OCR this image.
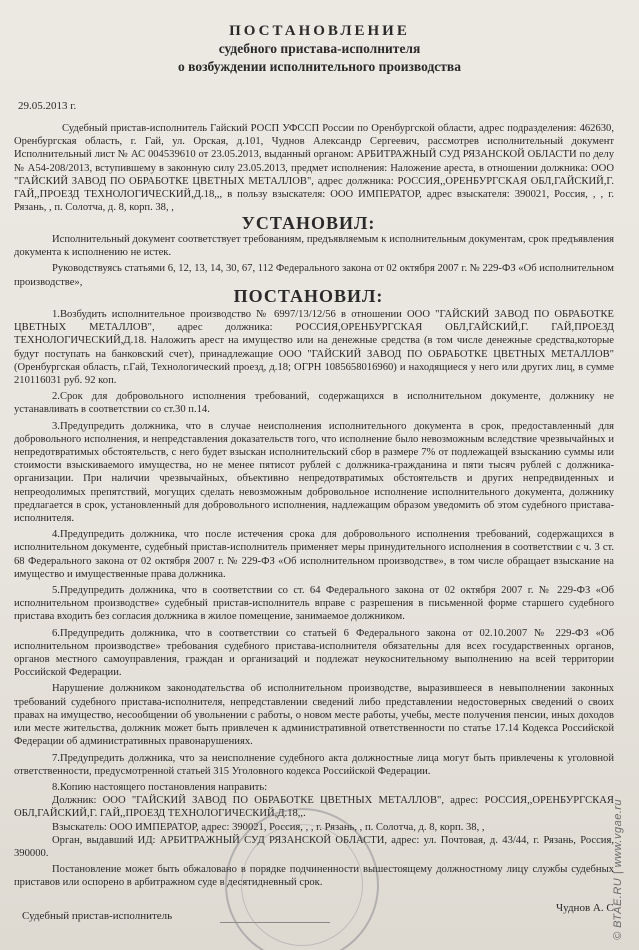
ПОСТАНОВЛЕНИЕ
судебного пристава-исполнителя
о возбуждении исполнительного производства
29.05.2013 г.

Судебный пристав-исполнитель Гайский РОСП УФССП России по Оренбургской области, адрес подразделения: 462630, Оренбургская область, г. Гай, ул. Орская, д.101, Чуднов Александр Сергеевич, рассмотрев исполнительный документ Исполнительный лист № АС 004539610 от 23.05.2013, выданный органом: АРБИТРАЖНЫЙ СУД РЯЗАНСКОЙ ОБЛАСТИ по делу № А54-208/2013, вступившему в законную силу 23.05.2013, предмет исполнения: Наложение ареста, в отношении должника: ООО "ГАЙСКИЙ ЗАВОД ПО ОБРАБОТКЕ ЦВЕТНЫХ МЕТАЛЛОВ", адрес должника: РОССИЯ,,ОРЕНБУРГСКАЯ ОБЛ,ГАЙСКИЙ,Г. ГАЙ,,ПРОЕЗД ТЕХНОЛОГИЧЕСКИЙ,Д.18,,, в пользу взыскателя: ООО ИМПЕРАТОР, адрес взыскателя: 390021, Россия, , , г. Рязань, , п. Солотча, д. 8, корп. 38, ,

УСТАНОВИЛ:

Исполнительный документ соответствует требованиям, предъявляемым к исполнительным документам, срок предъявления документа к исполнению не истек.

Руководствуясь статьями 6, 12, 13, 14, 30, 67, 112 Федерального закона от 02 октября 2007 г. № 229-ФЗ «Об исполнительном производстве»,

ПОСТАНОВИЛ:

1.Возбудить исполнительное производство № 6997/13/12/56 в отношении ООО "ГАЙСКИЙ ЗАВОД ПО ОБРАБОТКЕ ЦВЕТНЫХ МЕТАЛЛОВ", адрес должника: РОССИЯ,ОРЕНБУРГСКАЯ ОБЛ,ГАЙСКИЙ,Г. ГАЙ,ПРОЕЗД ТЕХНОЛОГИЧЕСКИЙ,Д.18. Наложить арест на имущество или на денежные средства (в том числе денежные средства,которые будут поступать на банковский счет), принадлежащие ООО "ГАЙСКИЙ ЗАВОД ПО ОБРАБОТКЕ ЦВЕТНЫХ МЕТАЛЛОВ" (Оренбургская область, г.Гай, Технологический проезд, д.18; ОГРН 1085658016960) и находящиеся у него или других лиц, в сумме 210116031 руб. 92 коп.

2.Срок для добровольного исполнения требований, содержащихся в исполнительном документе, должнику не устанавливать в соответствии со ст.30 п.14.

3.Предупредить должника, что в случае неисполнения исполнительного документа в срок, предоставленный для добровольного исполнения, и непредставления доказательств того, что исполнение было невозможным вследствие чрезвычайных и непредотвратимых обстоятельств, с него будет взыскан исполнительский сбор в размере 7% от подлежащей взысканию суммы или стоимости взыскиваемого имущества, но не менее пятисот рублей с должника-гражданина и пяти тысяч рублей с должника-организации. При наличии чрезвычайных, объективно непредотвратимых обстоятельств и других непредвиденных и непреодолимых препятствий, могущих сделать невозможным добровольное исполнение исполнительного документа, должнику предлагается в срок, установленный для добровольного исполнения, надлежащим образом уведомить об этом судебного пристава-исполнителя.

4.Предупредить должника, что после истечения срока для добровольного исполнения требований, содержащихся в исполнительном документе, судебный пристав-исполнитель применяет меры принудительного исполнения в соответствии с ч. 3 ст. 68 Федерального закона от 02 октября 2007 г. № 229-ФЗ «Об исполнительном производстве», в том числе обращает взыскание на имущество и имущественные права должника.

5.Предупредить должника, что в соответствии со ст. 64 Федерального закона от 02 октября 2007 г. № 229-ФЗ «Об исполнительном производстве» судебный пристав-исполнитель вправе с разрешения в письменной форме старшего судебного пристава входить без согласия должника в жилое помещение, занимаемое должником.

6.Предупредить должника, что в соответствии со статьей 6 Федерального закона от 02.10.2007 № 229-ФЗ «Об исполнительном производстве» требования судебного пристава-исполнителя обязательны для всех государственных органов, органов местного самоуправления, граждан и организаций и подлежат неукоснительному выполнению на всей территории Российской Федерации.

Нарушение должником законодательства об исполнительном производстве, выразившееся в невыполнении законных требований судебного пристава-исполнителя, непредставлении сведений либо представлении недостоверных сведений о своих правах на имущество, несообщении об увольнении с работы, о новом месте работы, учебы, месте получения пенсии, иных доходов или месте жительства, должник может быть привлечен к административной ответственности по статье 17.14 Кодекса Российской Федерации об административных правонарушениях.

7.Предупредить должника, что за неисполнение судебного акта должностные лица могут быть привлечены к уголовной ответственности, предусмотренной статьей 315 Уголовного кодекса Российской Федерации.

8.Копию настоящего постановления направить:

Должник: ООО "ГАЙСКИЙ ЗАВОД ПО ОБРАБОТКЕ ЦВЕТНЫХ МЕТАЛЛОВ", адрес: РОССИЯ,,ОРЕНБУРГСКАЯ ОБЛ,ГАЙСКИЙ,Г. ГАЙ,,ПРОЕЗД ТЕХНОЛОГИЧЕСКИЙ,Д.18,,.

Взыскатель: ООО ИМПЕРАТОР, адрес: 390021, Россия, , , г. Рязань, , п. Солотча, д. 8, корп. 38, ,

Орган, выдавший ИД: АРБИТРАЖНЫЙ СУД РЯЗАНСКОЙ ОБЛАСТИ, адрес: ул. Почтовая, д. 43/44, г. Рязань, Россия, 390000.

Постановление может быть обжаловано в порядке подчиненности вышестоящему должностному лицу службы судебных приставов или оспорено в арбитражном суде в десятидневный срок.

Судебный пристав-исполнитель
Чуднов А. С.
© ВТАЕ.RU | www.vgae.ru
